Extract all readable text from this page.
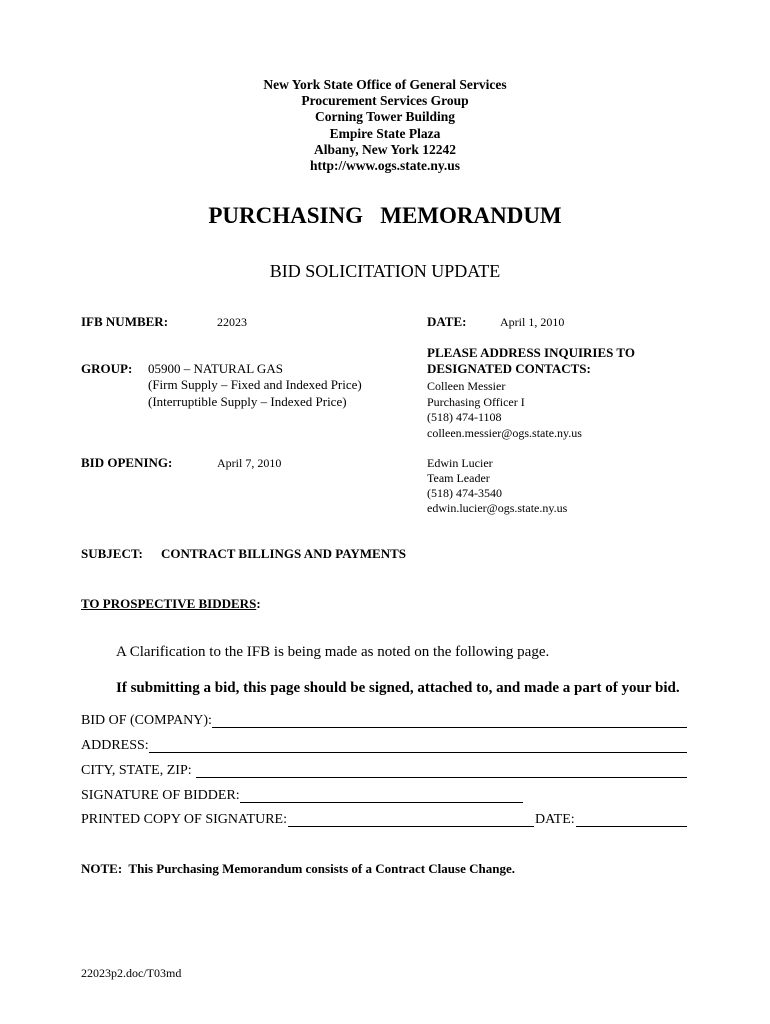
New York State Office of General Services
Procurement Services Group
Corning Tower Building
Empire State Plaza
Albany, New York 12242
http://www.ogs.state.ny.us
PURCHASING   MEMORANDUM
BID SOLICITATION UPDATE
IFB NUMBER:	22023	DATE:	April 1, 2010
GROUP: 05900 – NATURAL GAS
(Firm Supply – Fixed and Indexed Price)
(Interruptible Supply – Indexed Price)
PLEASE ADDRESS INQUIRIES TO
DESIGNATED CONTACTS:
Colleen Messier
Purchasing Officer I
(518) 474-1108
colleen.messier@ogs.state.ny.us
Edwin Lucier
Team Leader
(518) 474-3540
edwin.lucier@ogs.state.ny.us
BID OPENING:	April 7, 2010
SUBJECT: CONTRACT BILLINGS AND PAYMENTS
TO PROSPECTIVE BIDDERS:
A Clarification to the IFB is being made as noted on the following page.
If submitting a bid, this page should be signed, attached to, and made a part of your bid.
BID OF (COMPANY):
ADDRESS:
CITY, STATE, ZIP:
SIGNATURE OF BIDDER:
PRINTED COPY OF SIGNATURE:	DATE:
NOTE:  This Purchasing Memorandum consists of a Contract Clause Change.
22023p2.doc/T03md
